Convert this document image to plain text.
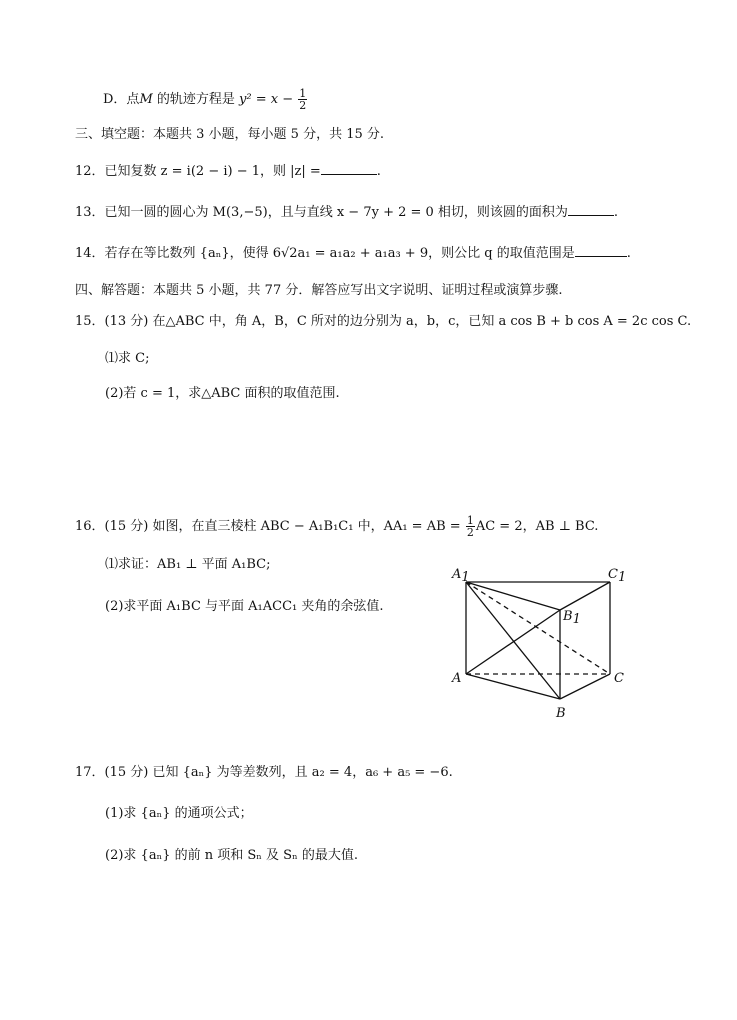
D．点M 的轨迹方程是 $y^2 = x - \frac{1}{2}$
三、填空题：本题共 3 小题，每小题 5 分，共 15 分.
12．已知复数 z = i(2 − i) − 1，则 |z| =	.
13．已知一圆的圆心为 M(3,−5)，且与直线 x − 7y + 2 = 0 相切，则该圆的面积为	.
14．若存在等比数列 {aₙ}，使得 6√2a₁ = a₁a₂ + a₁a₃ + 9，则公比 q 的取值范围是	.
四、解答题：本题共 5 小题，共 77 分．解答应写出文字说明、证明过程或演算步骤.
15．(13 分) 在△ABC 中，角 A，B，C 所对的边分别为 a，b，c，已知 a cos B + b cos A = 2c cos C.
⑴求 C;
(2)若 c = 1，求△ABC 面积的取值范围.
16．(15 分) 如图，在直三棱柱 ABC − A₁B₁C₁ 中，AA₁ = AB = $\frac{1}{2}$ AC = 2，AB ⊥ BC.
⑴求证：AB₁ ⊥ 平面 A₁BC;
(2)求平面 A₁BC 与平面 A₁ACC₁ 夹角的余弦值.
A1	C1
B1
A	C
B
17．(15 分) 已知 {aₙ} 为等差数列，且 a₂ = 4，a₆ + a₅ = −6.
(1)求 {aₙ} 的通项公式；
(2)求 {aₙ} 的前 n 项和 Sₙ 及 Sₙ 的最大值.
